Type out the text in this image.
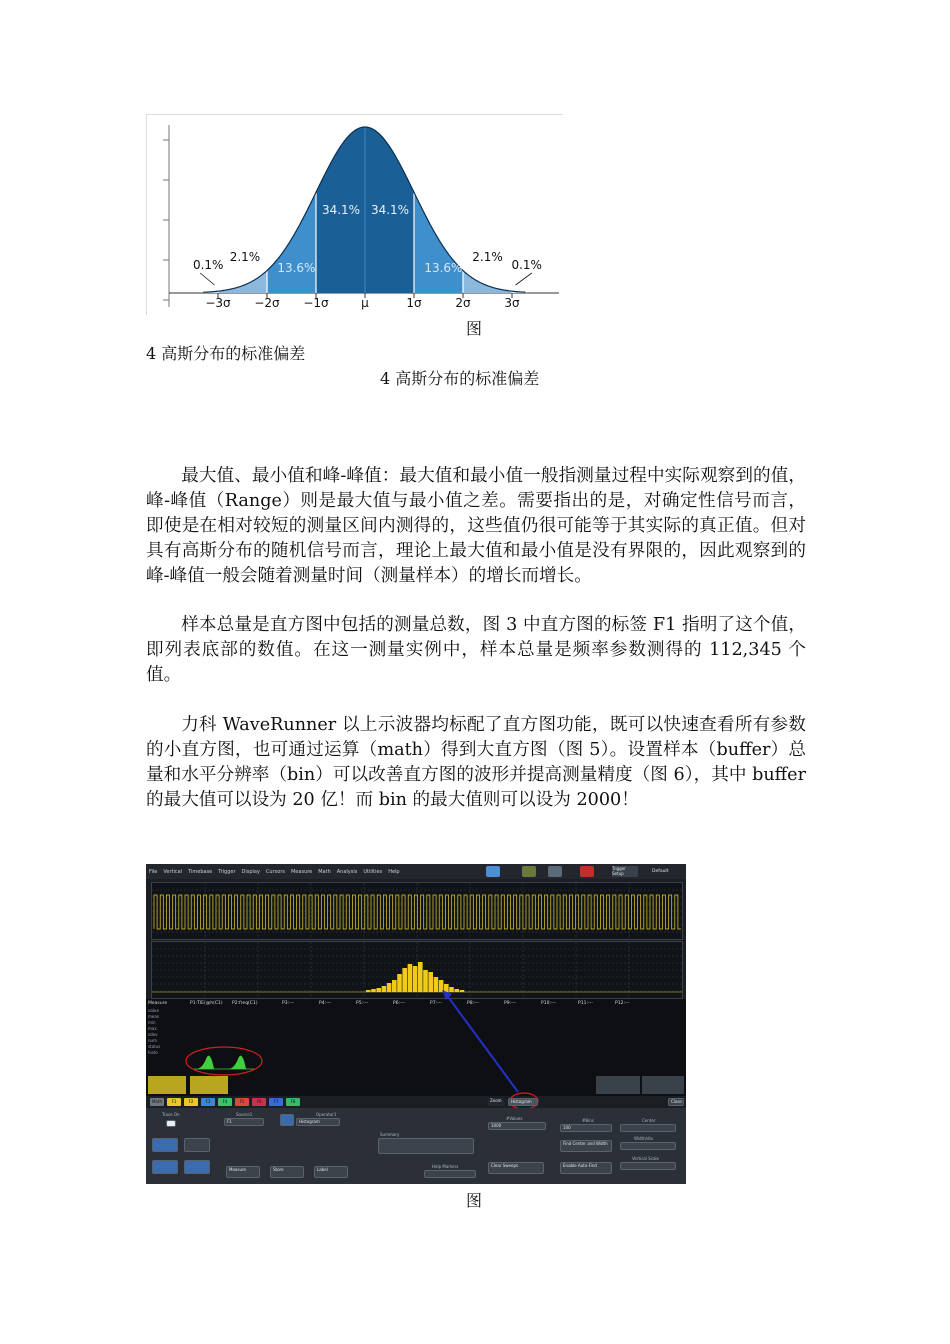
34.1% 34.1%
13.6%	13.6%
2.1%	2.1%
0.1%	0.1%
−3σ −2σ −1σ	μ	1σ	2σ	3σ
图
4 高斯分布的标准偏差
4 高斯分布的标准偏差

最大值、最小值和峰-峰值：最大值和最小值一般指测量过程中实际观察到的值，峰-峰值（Range）则是最大值与最小值之差。需要指出的是，对确定性信号而言，即使是在相对较短的测量区间内测得的，这些值仍很可能等于其实际的真正值。但对具有高斯分布的随机信号而言，理论上最大值和最小值是没有界限的，因此观察到的峰-峰值一般会随着测量时间（测量样本）的增长而增长。

样本总量是直方图中包括的测量总数，图 3 中直方图的标签 F1 指明了这个值，即列表底部的数值。在这一测量实例中，样本总量是频率参数测得的 112,345 个值。

力科 WaveRunner 以上示波器均标配了直方图功能，既可以快速查看所有参数的小直方图，也可通过运算（math）得到大直方图（图 5）。设置样本（buffer）总量和水平分辨率（bin）可以改善直方图的波形并提高测量精度（图 6），其中 buffer 的最大值可以设为 20 亿！而 bin 的最大值则可以设为 2000！

File Vertical Timebase Trigger Display Cursors Measure Math Analysis Utilities Help	Trigger Setup	Default
Measure	P1:TIE(@h(C1) P2:freq(C1)	P3:---	P4:---	P5:---	P6:---	P7:---	P8:---	P9:---	P10:---	P11:---	P12:---
value
mean
min
max
sdev
num
status
histo
Math	F1	F2	F3	F4	F5	F6	F7	F8
Trace On	Source1
F1
Operator1
Histogram
Summary
Measure	Store	Label
Help Markers
#Values
1000
Clear Sweeps
#Bins
100
Find Center and Width
Enable Auto-Find
Center
Width/div
Vertical Scale
Close
Zoom	Histogram
图
